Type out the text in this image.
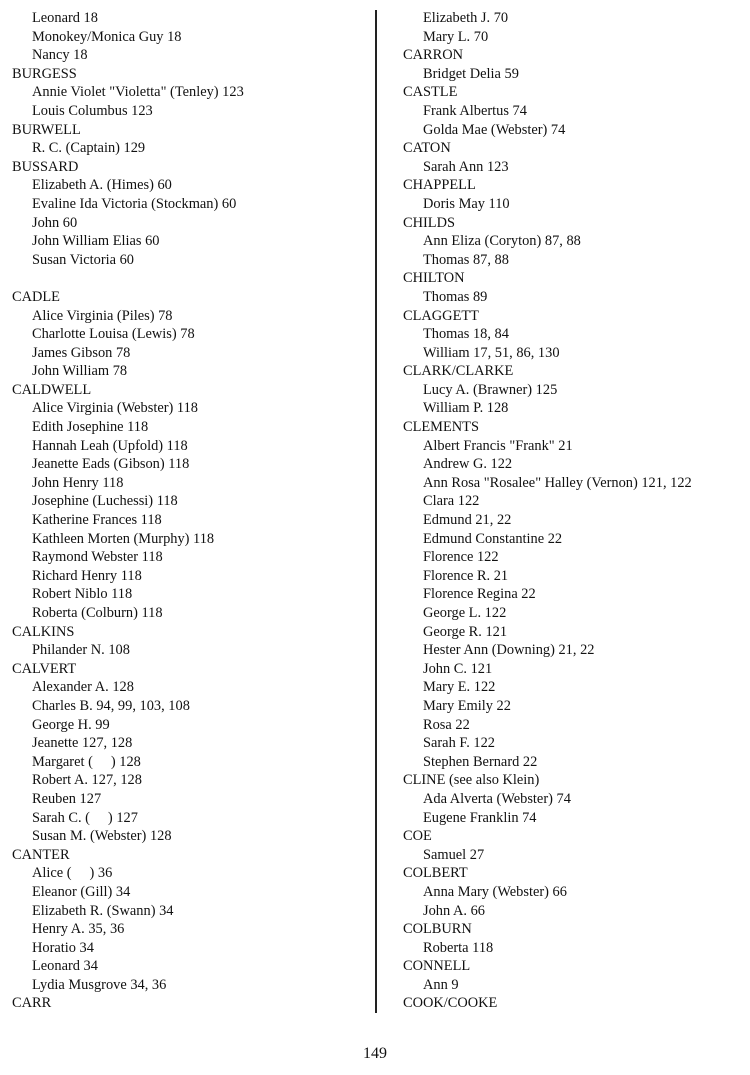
Leonard 18
Monokey/Monica Guy 18
Nancy 18
BURGESS
Annie Violet "Violetta" (Tenley) 123
Louis Columbus 123
BURWELL
R. C. (Captain) 129
BUSSARD
Elizabeth A. (Himes) 60
Evaline Ida Victoria (Stockman) 60
John 60
John William Elias 60
Susan Victoria 60
CADLE
Alice Virginia (Piles) 78
Charlotte Louisa (Lewis) 78
James Gibson 78
John William 78
CALDWELL
Alice Virginia (Webster) 118
Edith Josephine 118
Hannah Leah (Upfold) 118
Jeanette Eads (Gibson) 118
John Henry 118
Josephine (Luchessi) 118
Katherine Frances 118
Kathleen Morten (Murphy) 118
Raymond Webster 118
Richard Henry 118
Robert Niblo 118
Roberta (Colburn) 118
CALKINS
Philander N. 108
CALVERT
Alexander A. 128
Charles B. 94, 99, 103, 108
George H. 99
Jeanette 127, 128
Margaret (     ) 128
Robert A. 127, 128
Reuben 127
Sarah C. (     ) 127
Susan M. (Webster) 128
CANTER
Alice (     ) 36
Eleanor (Gill) 34
Elizabeth R. (Swann) 34
Henry A. 35, 36
Horatio 34
Leonard 34
Lydia Musgrove 34, 36
CARR
Elizabeth J. 70
Mary L. 70
CARRON
Bridget Delia 59
CASTLE
Frank Albertus 74
Golda Mae (Webster) 74
CATON
Sarah Ann 123
CHAPPELL
Doris May 110
CHILDS
Ann Eliza (Coryton) 87, 88
Thomas 87, 88
CHILTON
Thomas 89
CLAGGETT
Thomas 18, 84
William 17, 51, 86, 130
CLARK/CLARKE
Lucy A. (Brawner) 125
William P. 128
CLEMENTS
Albert Francis "Frank" 21
Andrew G. 122
Ann Rosa "Rosalee" Halley (Vernon) 121, 122
Clara 122
Edmund 21, 22
Edmund Constantine 22
Florence 122
Florence R. 21
Florence Regina 22
George L. 122
George R. 121
Hester Ann (Downing) 21, 22
John C. 121
Mary E. 122
Mary Emily 22
Rosa 22
Sarah F. 122
Stephen Bernard 22
CLINE (see also Klein)
Ada Alverta (Webster) 74
Eugene Franklin 74
COE
Samuel 27
COLBERT
Anna Mary (Webster) 66
John A. 66
COLBURN
Roberta 118
CONNELL
Ann 9
COOK/COOKE
149
